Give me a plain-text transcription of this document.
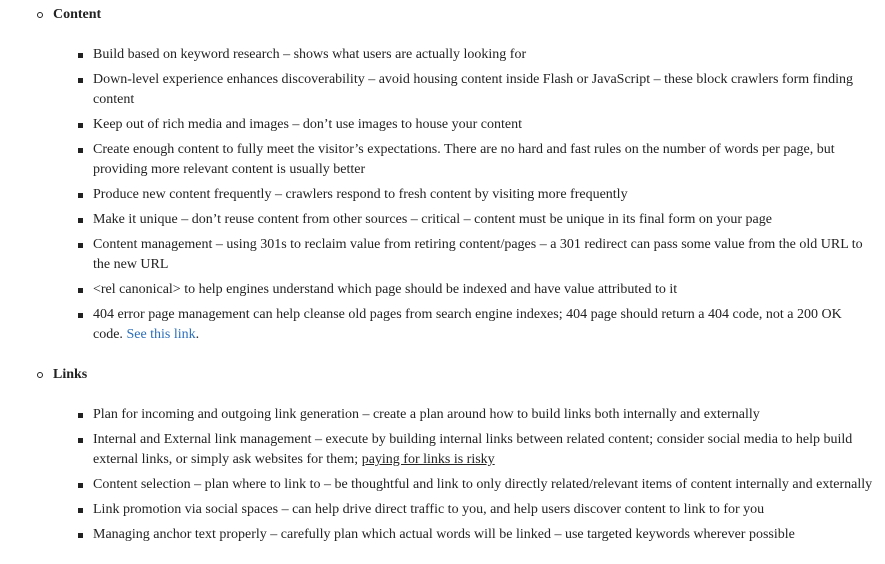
Content
Build based on keyword research – shows what users are actually looking for
Down-level experience enhances discoverability – avoid housing content inside Flash or JavaScript – these block crawlers form finding content
Keep out of rich media and images – don’t use images to house your content
Create enough content to fully meet the visitor’s expectations. There are no hard and fast rules on the number of words per page, but providing more relevant content is usually better
Produce new content frequently – crawlers respond to fresh content by visiting more frequently
Make it unique – don’t reuse content from other sources – critical – content must be unique in its final form on your page
Content management – using 301s to reclaim value from retiring content/pages – a 301 redirect can pass some value from the old URL to the new URL
<rel canonical> to help engines understand which page should be indexed and have value attributed to it
404 error page management can help cleanse old pages from search engine indexes; 404 page should return a 404 code, not a 200 OK code. See this link.
Links
Plan for incoming and outgoing link generation – create a plan around how to build links both internally and externally
Internal and External link management – execute by building internal links between related content; consider social media to help build external links, or simply ask websites for them; paying for links is risky
Content selection – plan where to link to – be thoughtful and link to only directly related/relevant items of content internally and externally
Link promotion via social spaces – can help drive direct traffic to you, and help users discover content to link to for you
Managing anchor text properly – carefully plan which actual words will be linked – use targeted keywords wherever possible
